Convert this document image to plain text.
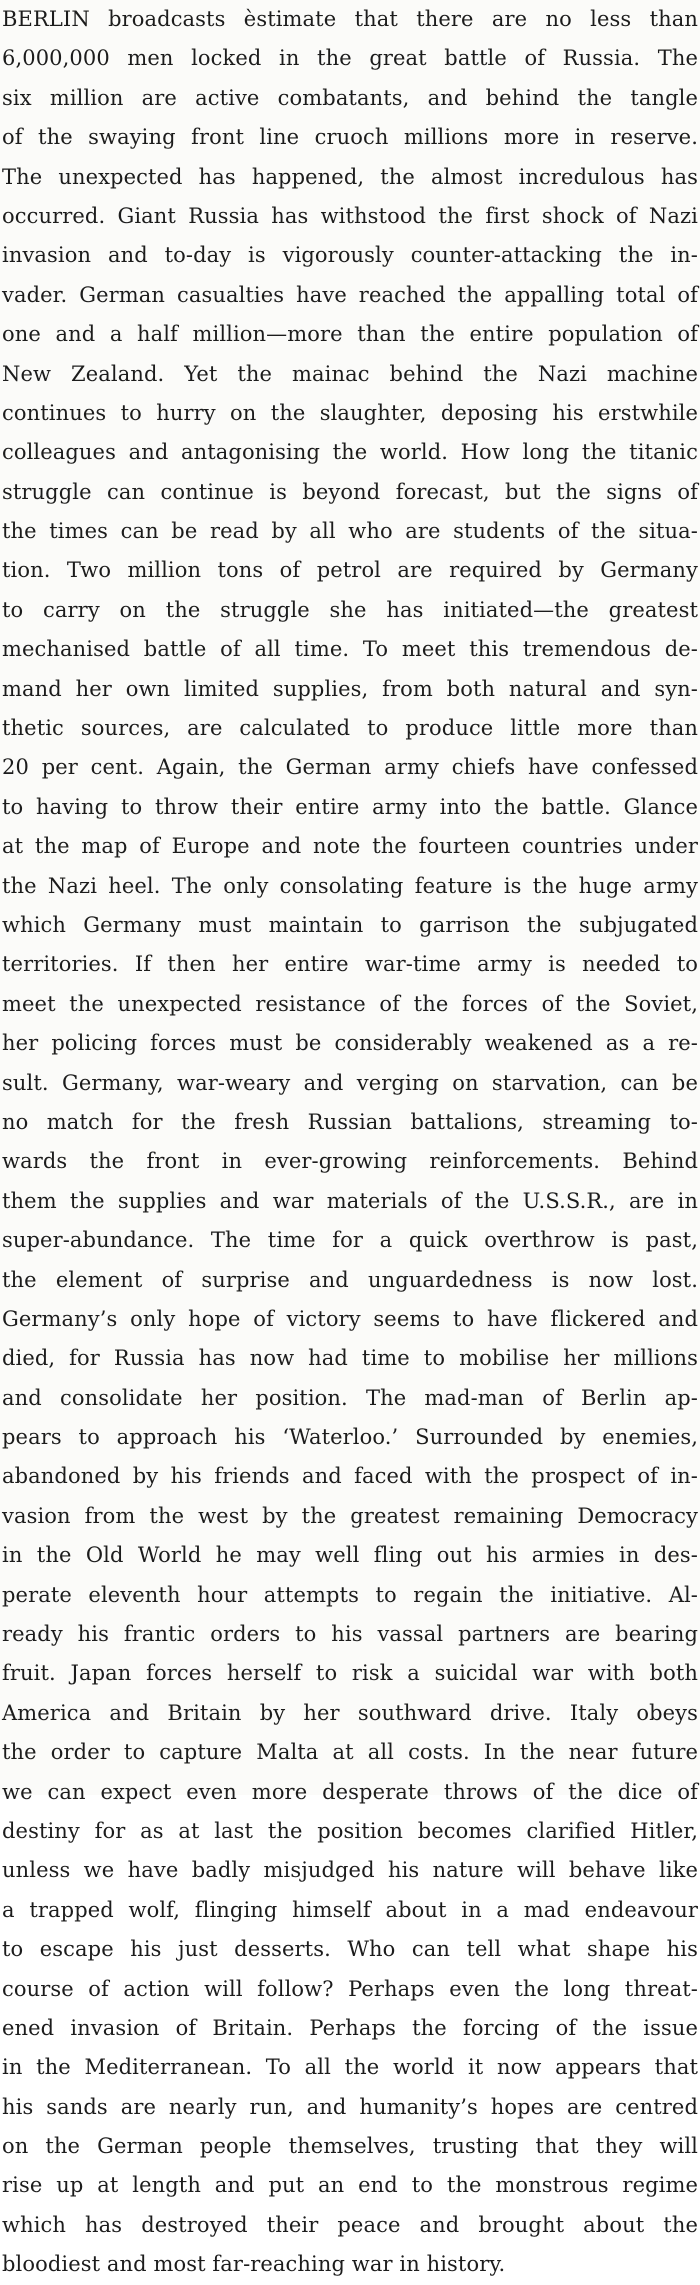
BERLIN broadcasts èstimate that there are no less than
6,000,000 men locked in the great battle of Russia. The
six million are active combatants, and behind the tangle
of the swaying front line cruoch millions more in reserve.
The unexpected has happened, the almost incredulous has
occurred. Giant Russia has withstood the first shock of Nazi
invasion and to-day is vigorously counter-attacking the in-
vader. German casualties have reached the appalling total of
one and a half million—more than the entire population of
New Zealand. Yet the mainac behind the Nazi machine
continues to hurry on the slaughter, deposing his erstwhile
colleagues and antagonising the world. How long the titanic
struggle can continue is beyond forecast, but the signs of
the times can be read by all who are students of the situa-
tion. Two million tons of petrol are required by Germany
to carry on the struggle she has initiated—the greatest
mechanised battle of all time. To meet this tremendous de-
mand her own limited supplies, from both natural and syn-
thetic sources, are calculated to produce little more than
20 per cent. Again, the German army chiefs have confessed
to having to throw their entire army into the battle. Glance
at the map of Europe and note the fourteen countries under
the Nazi heel. The only consolating feature is the huge army
which Germany must maintain to garrison the subjugated
territories. If then her entire war-time army is needed to
meet the unexpected resistance of the forces of the Soviet,
her policing forces must be considerably weakened as a re-
sult. Germany, war-weary and verging on starvation, can be
no match for the fresh Russian battalions, streaming to-
wards the front in ever-growing reinforcements. Behind
them the supplies and war materials of the U.S.S.R., are in
super-abundance. The time for a quick overthrow is past,
the element of surprise and unguardedness is now lost.
Germany’s only hope of victory seems to have flickered and
died, for Russia has now had time to mobilise her millions
and consolidate her position. The mad-man of Berlin ap-
pears to approach his ‘Waterloo.’ Surrounded by enemies,
abandoned by his friends and faced with the prospect of in-
vasion from the west by the greatest remaining Democracy
in the Old World he may well fling out his armies in des-
perate eleventh hour attempts to regain the initiative. Al-
ready his frantic orders to his vassal partners are bearing
fruit. Japan forces herself to risk a suicidal war with both
America and Britain by her southward drive. Italy obeys
the order to capture Malta at all costs. In the near future
we can expect even more desperate throws of the dice of
destiny for as at last the position becomes clarified Hitler,
unless we have badly misjudged his nature will behave like
a trapped wolf, flinging himself about in a mad endeavour
to escape his just desserts. Who can tell what shape his
course of action will follow? Perhaps even the long threat-
ened invasion of Britain. Perhaps the forcing of the issue
in the Mediterranean. To all the world it now appears that
his sands are nearly run, and humanity’s hopes are centred
on the German people themselves, trusting that they will
rise up at length and put an end to the monstrous regime
which has destroyed their peace and brought about the
bloodiest and most far-reaching war in history.
